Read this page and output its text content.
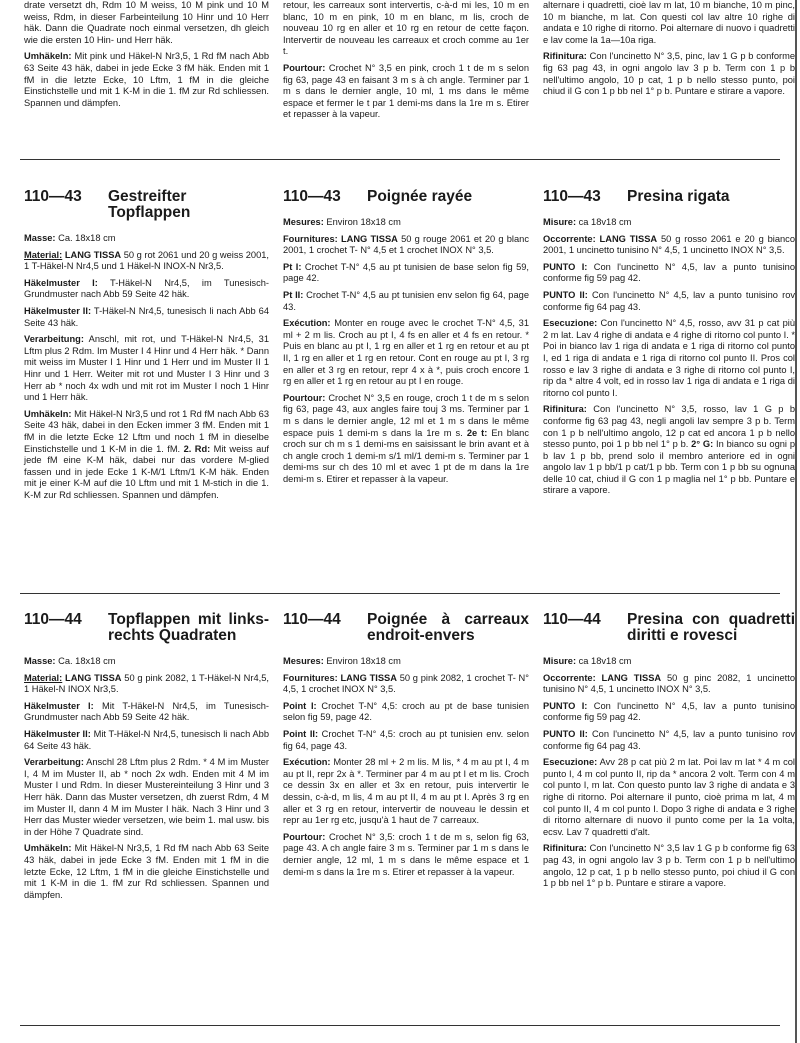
drate versetzt dh, Rdm 10 M weiss, 10 M pink und 10 M weiss, Rdm, in dieser Farbeinteilung 10 Hinr und 10 Herr häk. Dann die Quadrate noch einmal versetzen, dh gleich wie die ersten 10 Hin- und Herr häk.

Umhäkeln: Mit pink und Häkel-N Nr3,5, 1 Rd fM nach Abb 63 Seite 43 häk, dabei in jede Ecke 3 fM häk. Enden mit 1 fM in die letzte Ecke, 10 Lftm, 1 fM in die gleiche Einstichstelle und mit 1 K-M in die 1. fM zur Rd schliessen. Spannen und dämpfen.

retour, les carreaux sont intervertis, c-à-d mi les, 10 m en blanc, 10 m en pink, 10 m en blanc, m lis, croch de nouveau 10 rg en aller et 10 rg en retour de cette façon. Intervertir de nouveau les carreaux et croch comme au 1er t.

Pourtour: Crochet N° 3,5 en pink, croch 1 t de m s selon fig 63, page 43 en faisant 3 m s à ch angle. Terminer par 1 m s dans le dernier angle, 10 ml, 1 ms dans le même espace et fermer le t par 1 demi-ms dans la 1re m s. Etirer et repasser à la vapeur.

alternare i quadretti, cioè lav m lat, 10 m bianche, 10 m pinc, 10 m bianche, m lat. Con questi col lav altre 10 righe di andata e 10 righe di ritorno. Poi alternare di nuovo i quadretti e lav come la 1a—10a riga.

Rifinitura: Con l'uncinetto N° 3,5, pinc, lav 1 G p b conforme fig 63 pag 43, in ogni angolo lav 3 p b. Term con 1 p b nell'ultimo angolo, 10 p cat, 1 p b nello stesso punto, poi chiud il G con 1 p bb nel 1° p b. Puntare e stirare a vapore.

110—43	Gestreifter Topflappen

Masse: Ca. 18x18 cm

Material: LANG TISSA 50 g rot 2061 und 20 g weiss 2001, 1 T-Häkel-N Nr4,5 und 1 Häkel-N INOX-N Nr3,5.

Häkelmuster I: T-Häkel-N Nr4,5, im Tunesisch-Grundmuster nach Abb 59 Seite 42 häk.

Häkelmuster II: T-Häkel-N Nr4,5, tunesisch li nach Abb 64 Seite 43 häk.

Verarbeitung: Anschl, mit rot, und T-Häkel-N Nr4,5, 31 Lftm plus 2 Rdm. Im Muster I 4 Hinr und 4 Herr häk. * Dann mit weiss im Muster I 1 Hinr und 1 Herr und im Muster II 1 Hinr und 1 Herr. Weiter mit rot und Muster I 3 Hinr und 3 Herr ab * noch 4x wdh und mit rot im Muster I noch 1 Hinr und 1 Herr häk.

Umhäkeln: Mit Häkel-N Nr3,5 und rot 1 Rd fM nach Abb 63 Seite 43 häk, dabei in den Ecken immer 3 fM. Enden mit 1 fM in die letzte Ecke 12 Lftm und noch 1 fM in dieselbe Einstichstelle und 1 K-M in die 1. fM. 2. Rd: Mit weiss auf jede fM eine K-M häk, dabei nur das vordere M-glied fassen und in jede Ecke 1 K-M/1 Lftm/1 K-M häk. Enden mit je einer K-M auf die 10 Lftm und mit 1 M-stich in die 1. K-M zur Rd schliessen. Spannen und dämpfen.

110—43	Poignée rayée

Mesures: Environ 18x18 cm

Fournitures: LANG TISSA 50 g rouge 2061 et 20 g blanc 2001, 1 crochet T- N° 4,5 et 1 crochet INOX N° 3,5.

Pt I: Crochet T-N° 4,5 au pt tunisien de base selon fig 59, page 42.

Pt II: Crochet T-N° 4,5 au pt tunisien env selon fig 64, page 43.

Exécution: Monter en rouge avec le crochet T-N° 4,5, 31 ml + 2 m lis. Croch au pt I, 4 fs en aller et 4 fs en retour. * Puis en blanc au pt I, 1 rg en aller et 1 rg en retour et au pt II, 1 rg en aller et 1 rg en retour. Cont en rouge au pt I, 3 rg en aller et 3 rg en retour, repr 4 x à *, puis croch encore 1 rg en aller et 1 rg en retour au pt I en rouge.

Pourtour: Crochet N° 3,5 en rouge, croch 1 t de m s selon fig 63, page 43, aux angles faire touj 3 ms. Terminer par 1 m s dans le dernier angle, 12 ml et 1 m s dans le même espace puis 1 demi-m s dans la 1re m s. 2e t: En blanc croch sur ch m s 1 demi-ms en saisissant le brin avant et à ch angle croch 1 demi-m s/1 ml/1 demi-m s. Terminer par 1 demi-ms sur ch des 10 ml et avec 1 pt de m dans la 1re demi-m s. Etirer et repasser à la vapeur.

110—43	Presina rigata

Misure: ca 18v18 cm

Occorrente: LANG TISSA 50 g rosso 2061 e 20 g bianco 2001, 1 uncinetto tunisino N° 4,5, 1 uncinetto INOX N° 3,5.

PUNTO I: Con l'uncinetto N° 4,5, lav a punto tunisino conforme fig 59 pag 42.

PUNTO II: Con l'uncinetto N° 4,5, lav a punto tunisino rov conforme fig 64 pag 43.

Esecuzione: Con l'uncinetto N° 4,5, rosso, avv 31 p cat più 2 m lat. Lav 4 righe di andata e 4 righe di ritorno col punto I. * Poi in bianco lav 1 riga di andata e 1 riga di ritorno col punto I, ed 1 riga di andata e 1 riga di ritorno col punto II. Pros col rosso e lav 3 righe di andata e 3 righe di ritorno col punto I, rip da * altre 4 volt, ed in rosso lav 1 riga di andata e 1 riga di ritorno col punto I.

Rifinitura: Con l'uncinetto N° 3,5, rosso, lav 1 G p b conforme fig 63 pag 43, negli angoli lav sempre 3 p b. Term con 1 p b nell'ultimo angolo, 12 p cat ed ancora 1 p b nello stesso punto, poi 1 p bb nel 1° p b. 2° G: In bianco su ogni p b lav 1 p bb, prend solo il membro anteriore ed in ogni angolo lav 1 p bb/1 p cat/1 p bb. Term con 1 p bb su ognuna delle 10 cat, chiud il G con 1 p maglia nel 1° p bb. Puntare e stirare a vapore.

110—44	Topflappen mit links-rechts Quadraten

Masse: Ca. 18x18 cm

Material: LANG TISSA 50 g pink 2082, 1 T-Häkel-N Nr4,5, 1 Häkel-N INOX Nr3,5.

Häkelmuster I: Mit T-Häkel-N Nr4,5, im Tunesisch-Grundmuster nach Abb 59 Seite 42 häk.

Häkelmuster II: Mit T-Häkel-N Nr4,5, tunesisch li nach Abb 64 Seite 43 häk.

Verarbeitung: Anschl 28 Lftm plus 2 Rdm. * 4 M im Muster I, 4 M im Muster II, ab * noch 2x wdh. Enden mit 4 M im Muster I und Rdm. In dieser Mustereinteilung 3 Hinr und 3 Herr häk. Dann das Muster versetzen, dh zuerst Rdm, 4 M im Muster II, dann 4 M im Muster I häk. Nach 3 Hinr und 3 Herr das Muster wieder versetzen, wie beim 1. mal usw. bis in der Höhe 7 Quadrate sind.

Umhäkeln: Mit Häkel-N Nr3,5, 1 Rd fM nach Abb 63 Seite 43 häk, dabei in jede Ecke 3 fM. Enden mit 1 fM in die letzte Ecke, 12 Lftm, 1 fM in die gleiche Einstichstelle und mit 1 K-M in die 1. fM zur Rd schliessen. Spannen und dämpfen.

110—44	Poignée à carreaux endroit-envers

Mesures: Environ 18x18 cm

Fournitures: LANG TISSA 50 g pink 2082, 1 crochet T- N° 4,5, 1 crochet INOX N° 3,5.

Point I: Crochet T-N° 4,5: croch au pt de base tunisien selon fig 59, page 42.

Point II: Crochet T-N° 4,5: croch au pt tunisien env. selon fig 64, page 43.

Exécution: Monter 28 ml + 2 m lis. M lis, * 4 m au pt I, 4 m au pt II, repr 2x à *. Terminer par 4 m au pt I et m lis. Croch ce dessin 3x en aller et 3x en retour, puis intervertir le dessin, c-à-d, m lis, 4 m au pt II, 4 m au pt I. Après 3 rg en aller et 3 rg en retour, intervertir de nouveau le dessin et repr au 1er rg etc, jusqu'à 1 haut de 7 carreaux.

Pourtour: Crochet N° 3,5: croch 1 t de m s, selon fig 63, page 43. A ch angle faire 3 m s. Terminer par 1 m s dans le dernier angle, 12 ml, 1 m s dans le même espace et 1 demi-m s dans la 1re m s. Etirer et repasser à la vapeur.

110—44	Presina con quadretti diritti e rovesci

Misure: ca 18v18 cm

Occorrente: LANG TISSA 50 g pinc 2082, 1 uncinetto tunisino N° 4,5, 1 uncinetto INOX N° 3,5.

PUNTO I: Con l'uncinetto N° 4,5, lav a punto tunisino conforme fig 59 pag 42.

PUNTO II: Con l'uncinetto N° 4,5, lav a punto tunisino rov conforme fig 64 pag 43.

Esecuzione: Avv 28 p cat più 2 m lat. Poi lav m lat * 4 m col punto I, 4 m col punto II, rip da * ancora 2 volt. Term con 4 m col punto I, m lat. Con questo punto lav 3 righe di andata e 3 righe di ritorno. Poi alternare il punto, cioè prima m lat, 4 m col punto II, 4 m col punto I. Dopo 3 righe di andata e 3 righe di ritorno alternare di nuovo il punto come per la 1a volta, ecsv. Lav 7 quadretti d'alt.

Rifinitura: Con l'uncinetto N° 3,5 lav 1 G p b conforme fig 63 pag 43, in ogni angolo lav 3 p b. Term con 1 p b nell'ultimo angolo, 12 p cat, 1 p b nello stesso punto, poi chiud il G con 1 p bb nel 1° p b. Puntare e stirare a vapore.
